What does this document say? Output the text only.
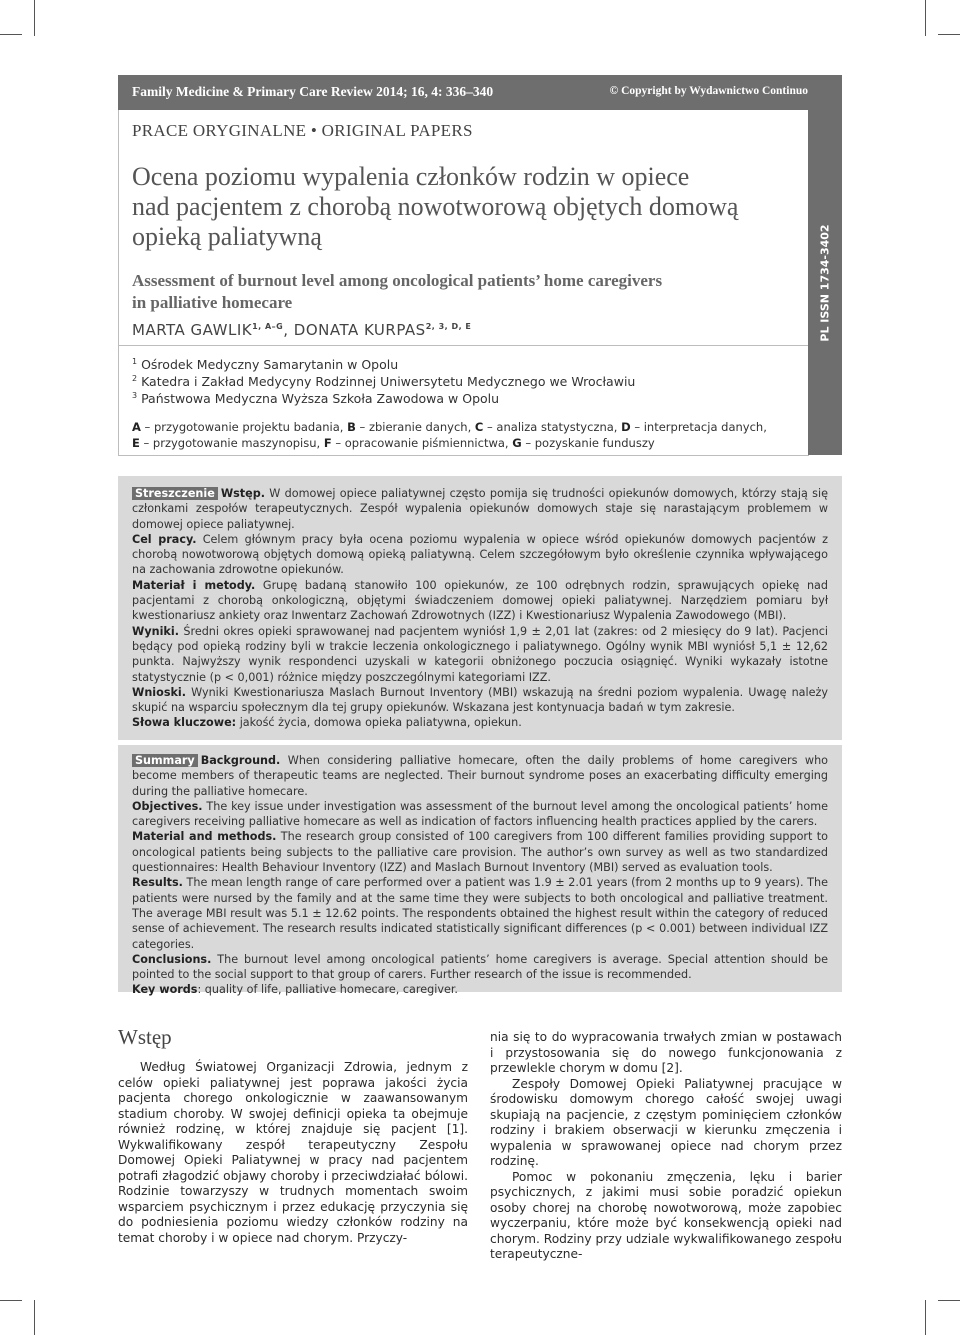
Family Medicine & Primary Care Review 2014; 16, 4: 336–340	© Copyright by Wydawnictwo Continuo
PL ISSN 1734-3402
PRACE ORYGINALNE • ORIGINAL PAPERS
Ocena poziomu wypalenia członków rodzin w opiece
nad pacjentem z chorobą nowotworową objętych domową
opieką paliatywną
Assessment of burnout level among oncological patients’ home caregivers
in palliative homecare
MARTA $GAWLIK^{1, A-G}$, DONATA $KURPAS^{2, 3, D, E}$
$^1$ Ośrodek Medyczny Samarytanin w Opolu
$^2$ Katedra i Zakład Medycyny Rodzinnej Uniwersytetu Medycznego we Wrocławiu
$^3$ Państwowa Medyczna Wyższa Szkoła Zawodowa w Opolu
A – przygotowanie projektu badania, B – zbieranie danych, C – analiza statystyczna, D – interpretacja danych,
E – przygotowanie maszynopisu, F – opracowanie piśmiennictwa, G – pozyskanie funduszy

Streszczenie Wstęp. W domowej opiece paliatywnej często pomija się trudności opiekunów domowych, którzy stają się członkami zespołów terapeutycznych. Zespół wypalenia opiekunów domowych staje się narastającym problemem w domowej opiece paliatywnej.

Cel pracy. Celem głównym pracy była ocena poziomu wypalenia w opiece wśród opiekunów domowych pacjentów z chorobą nowotworową objętych domową opieką paliatywną. Celem szczegółowym było określenie czynnika wpływającego na zachowania zdrowotne opiekunów.

Materiał i metody. Grupę badaną stanowiło 100 opiekunów, ze 100 odrębnych rodzin, sprawujących opiekę nad pacjentami z chorobą onkologiczną, objętymi świadczeniem domowej opieki paliatywnej. Narzędziem pomiaru był kwestionariusz ankiety oraz Inwentarz Zachowań Zdrowotnych (IZZ) i Kwestionariusz Wypalenia Zawodowego (MBI).

Wyniki. Średni okres opieki sprawowanej nad pacjentem wyniósł 1,9 ± 2,01 lat (zakres: od 2 miesięcy do 9 lat). Pacjenci będący pod opieką rodziny byli w trakcie leczenia onkologicznego i paliatywnego. Ogólny wynik MBI wyniósł 5,1 ± 12,62 punkta. Najwyższy wynik respondenci uzyskali w kategorii obniżonego poczucia osiągnięć. Wyniki wykazały istotne statystycznie (p < 0,001) różnice między poszczególnymi kategoriami IZZ.

Wnioski. Wyniki Kwestionariusza Maslach Burnout Inventory (MBI) wskazują na średni poziom wypalenia. Uwagę należy skupić na wsparciu społecznym dla tej grupy opiekunów. Wskazana jest kontynuacja badań w tym zakresie.

Słowa kluczowe: jakość życia, domowa opieka paliatywna, opiekun.

Summary Background. When considering palliative homecare, often the daily problems of home caregivers who become members of therapeutic teams are neglected. Their burnout syndrome poses an exacerbating difficulty emerging during the palliative homecare.

Objectives. The key issue under investigation was assessment of the burnout level among the oncological patients’ home caregivers receiving palliative homecare as well as indication of factors influencing health practices applied by the carers.

Material and methods. The research group consisted of 100 caregivers from 100 different families providing support to oncological patients being subjects to the palliative care provision. The author’s own survey as well as two standardized questionnaires: Health Behaviour Inventory (IZZ) and Maslach Burnout Inventory (MBI) served as evaluation tools.

Results. The mean length range of care performed over a patient was 1.9 ± 2.01 years (from 2 months up to 9 years). The patients were nursed by the family and at the same time they were subjects to both oncological and palliative treatment. The average MBI result was 5.1 ± 12.62 points. The respondents obtained the highest result within the category of reduced sense of achievement. The research results indicated statistically significant differences (p < 0.001) between individual IZZ categories.

Conclusions. The burnout level among oncological patients’ home caregivers is average. Special attention should be pointed to the social support to that group of carers. Further research of the issue is recommended.

Key words: quality of life, palliative homecare, caregiver.

Wstęp

Według Światowej Organizacji Zdrowia, jednym z celów opieki paliatywnej jest poprawa jakości życia pacjenta chorego onkologicznie w zaawansowanym stadium choroby. W swojej definicji opieka ta obejmuje również rodzinę, w której znajduje się pacjent [1]. Wykwalifikowany zespół terapeutyczny Zespołu Domowej Opieki Paliatywnej w pracy nad pacjentem potrafi złagodzić objawy choroby i przeciwdziałać bólowi. Rodzinie towarzyszy w trudnych momentach swoim wsparciem psychicznym i przez edukację przyczynia się do podniesienia poziomu wiedzy członków rodziny na temat choroby i w opiece nad chorym. Przyczy-

nia się to do wypracowania trwałych zmian w postawach i przystosowania się do nowego funkcjonowania z przewlekle chorym w domu [2].

Zespoły Domowej Opieki Paliatywnej pracujące w środowisku domowym chorego całość swojej uwagi skupiają na pacjencie, z częstym pominięciem członków rodziny i brakiem obserwacji w kierunku zmęczenia i wypalenia w sprawowanej opiece nad chorym przez rodzinę.

Pomoc w pokonaniu zmęczenia, lęku i barier psychicznych, z jakimi musi sobie poradzić opiekun osoby chorej na chorobę nowotworową, może zapobiec wyczerpaniu, które może być konsekwencją opieki nad chorym. Rodziny przy udziale wykwalifikowanego zespołu terapeutyczne-
